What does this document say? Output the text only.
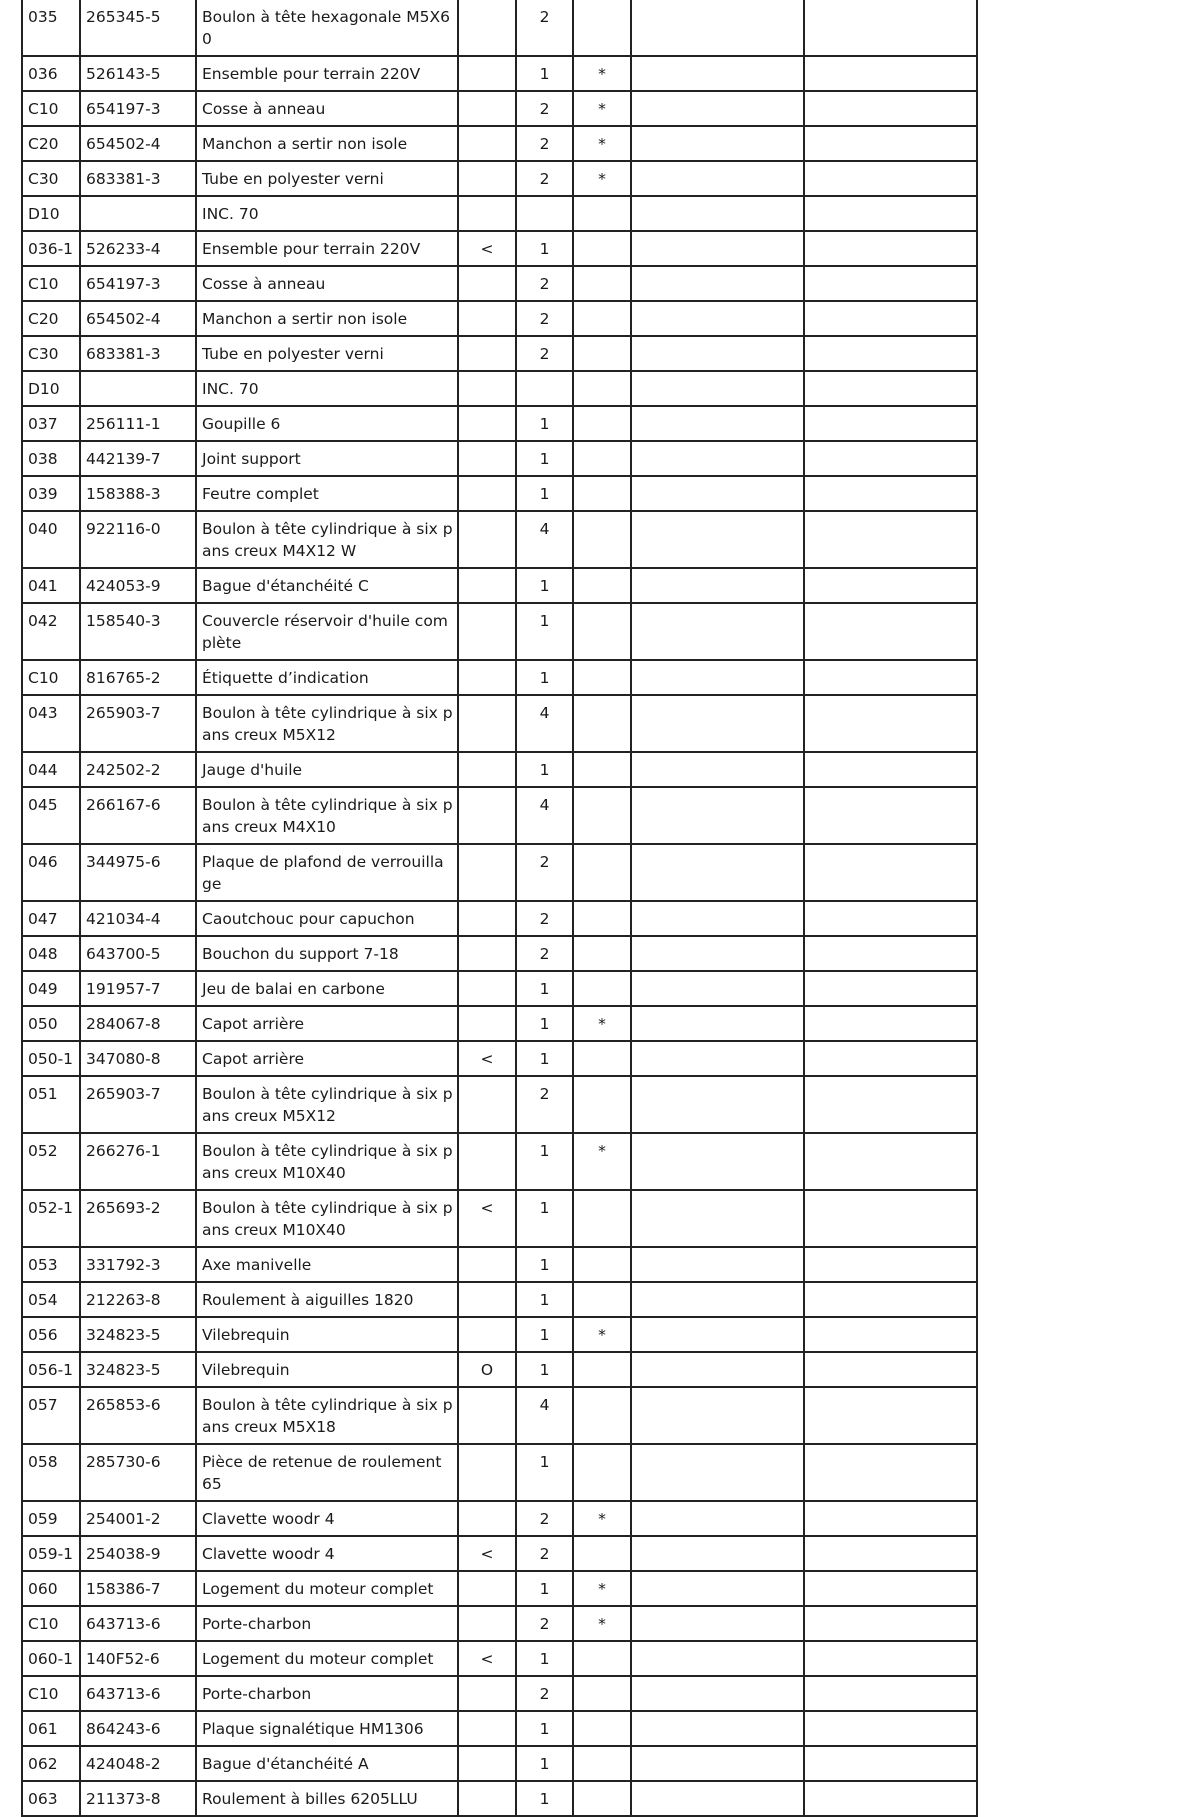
035	265345-5	Boulon à tête hexagonale M5X60		2			
036	526143-5	Ensemble pour terrain 220V		1	*		
C10	654197-3	Cosse à anneau		2	*		
C20	654502-4	Manchon a sertir non isole		2	*		
C30	683381-3	Tube en polyester verni		2	*		
D10		INC. 70					
036-1	526233-4	Ensemble pour terrain 220V	<	1			
C10	654197-3	Cosse à anneau		2			
C20	654502-4	Manchon a sertir non isole		2			
C30	683381-3	Tube en polyester verni		2			
D10		INC. 70					
037	256111-1	Goupille 6		1			
038	442139-7	Joint support		1			
039	158388-3	Feutre complet		1			
040	922116-0	Boulon à tête cylindrique à six pans creux M4X12 W		4			
041	424053-9	Bague d'étanchéité C		1			
042	158540-3	Couvercle réservoir d'huile complète		1			
C10	816765-2	Étiquette d’indication		1			
043	265903-7	Boulon à tête cylindrique à six pans creux M5X12		4			
044	242502-2	Jauge d'huile		1			
045	266167-6	Boulon à tête cylindrique à six pans creux M4X10		4			
046	344975-6	Plaque de plafond de verrouillage		2			
047	421034-4	Caoutchouc pour capuchon		2			
048	643700-5	Bouchon du support 7-18		2			
049	191957-7	Jeu de balai en carbone		1			
050	284067-8	Capot arrière		1	*		
050-1	347080-8	Capot arrière	<	1			
051	265903-7	Boulon à tête cylindrique à six pans creux M5X12		2			
052	266276-1	Boulon à tête cylindrique à six pans creux M10X40		1	*		
052-1	265693-2	Boulon à tête cylindrique à six pans creux M10X40	<	1			
053	331792-3	Axe manivelle		1			
054	212263-8	Roulement à aiguilles 1820		1			
056	324823-5	Vilebrequin		1	*		
056-1	324823-5	Vilebrequin	O	1			
057	265853-6	Boulon à tête cylindrique à six pans creux M5X18		4			
058	285730-6	Pièce de retenue de roulement 65		1			
059	254001-2	Clavette woodr 4		2	*		
059-1	254038-9	Clavette woodr 4	<	2			
060	158386-7	Logement du moteur complet		1	*		
C10	643713-6	Porte-charbon		2	*		
060-1	140F52-6	Logement du moteur complet	<	1			
C10	643713-6	Porte-charbon		2			
061	864243-6	Plaque signalétique HM1306		1			
062	424048-2	Bague d'étanchéité A		1			
063	211373-8	Roulement à billes 6205LLU		1			
